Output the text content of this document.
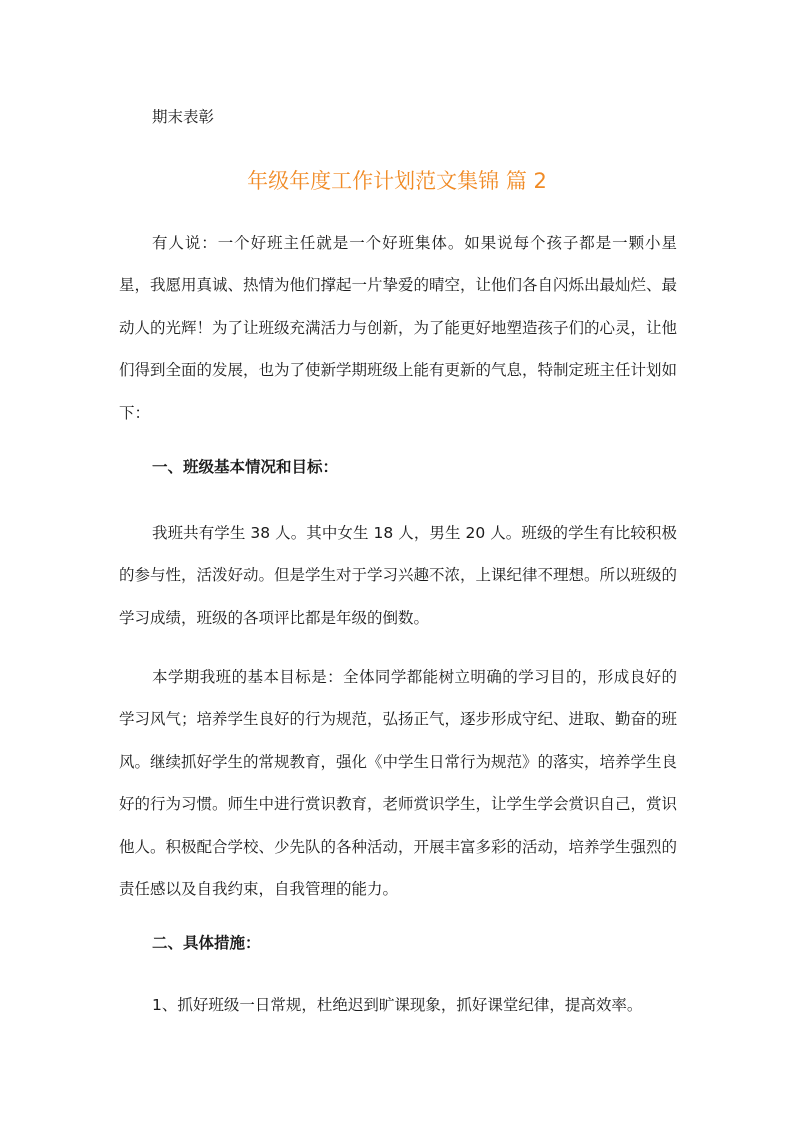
期末表彰

年级年度工作计划范文集锦 篇 2

有人说：一个好班主任就是一个好班集体。如果说每个孩子都是一颗小星星，我愿用真诚、热情为他们撑起一片挚爱的晴空，让他们各自闪烁出最灿烂、最动人的光辉！为了让班级充满活力与创新，为了能更好地塑造孩子们的心灵，让他们得到全面的发展，也为了使新学期班级上能有更新的气息，特制定班主任计划如下：

一、班级基本情况和目标：

我班共有学生 38 人。其中女生 18 人，男生 20 人。班级的学生有比较积极的参与性，活泼好动。但是学生对于学习兴趣不浓，上课纪律不理想。所以班级的学习成绩，班级的各项评比都是年级的倒数。

本学期我班的基本目标是：全体同学都能树立明确的学习目的，形成良好的学习风气；培养学生良好的行为规范，弘扬正气，逐步形成守纪、进取、勤奋的班风。继续抓好学生的常规教育，强化《中学生日常行为规范》的落实，培养学生良好的行为习惯。师生中进行赏识教育，老师赏识学生，让学生学会赏识自己，赏识他人。积极配合学校、少先队的各种活动，开展丰富多彩的活动，培养学生强烈的责任感以及自我约束，自我管理的能力。

二、具体措施：

1、抓好班级一日常规，杜绝迟到旷课现象，抓好课堂纪律，提高效率。
